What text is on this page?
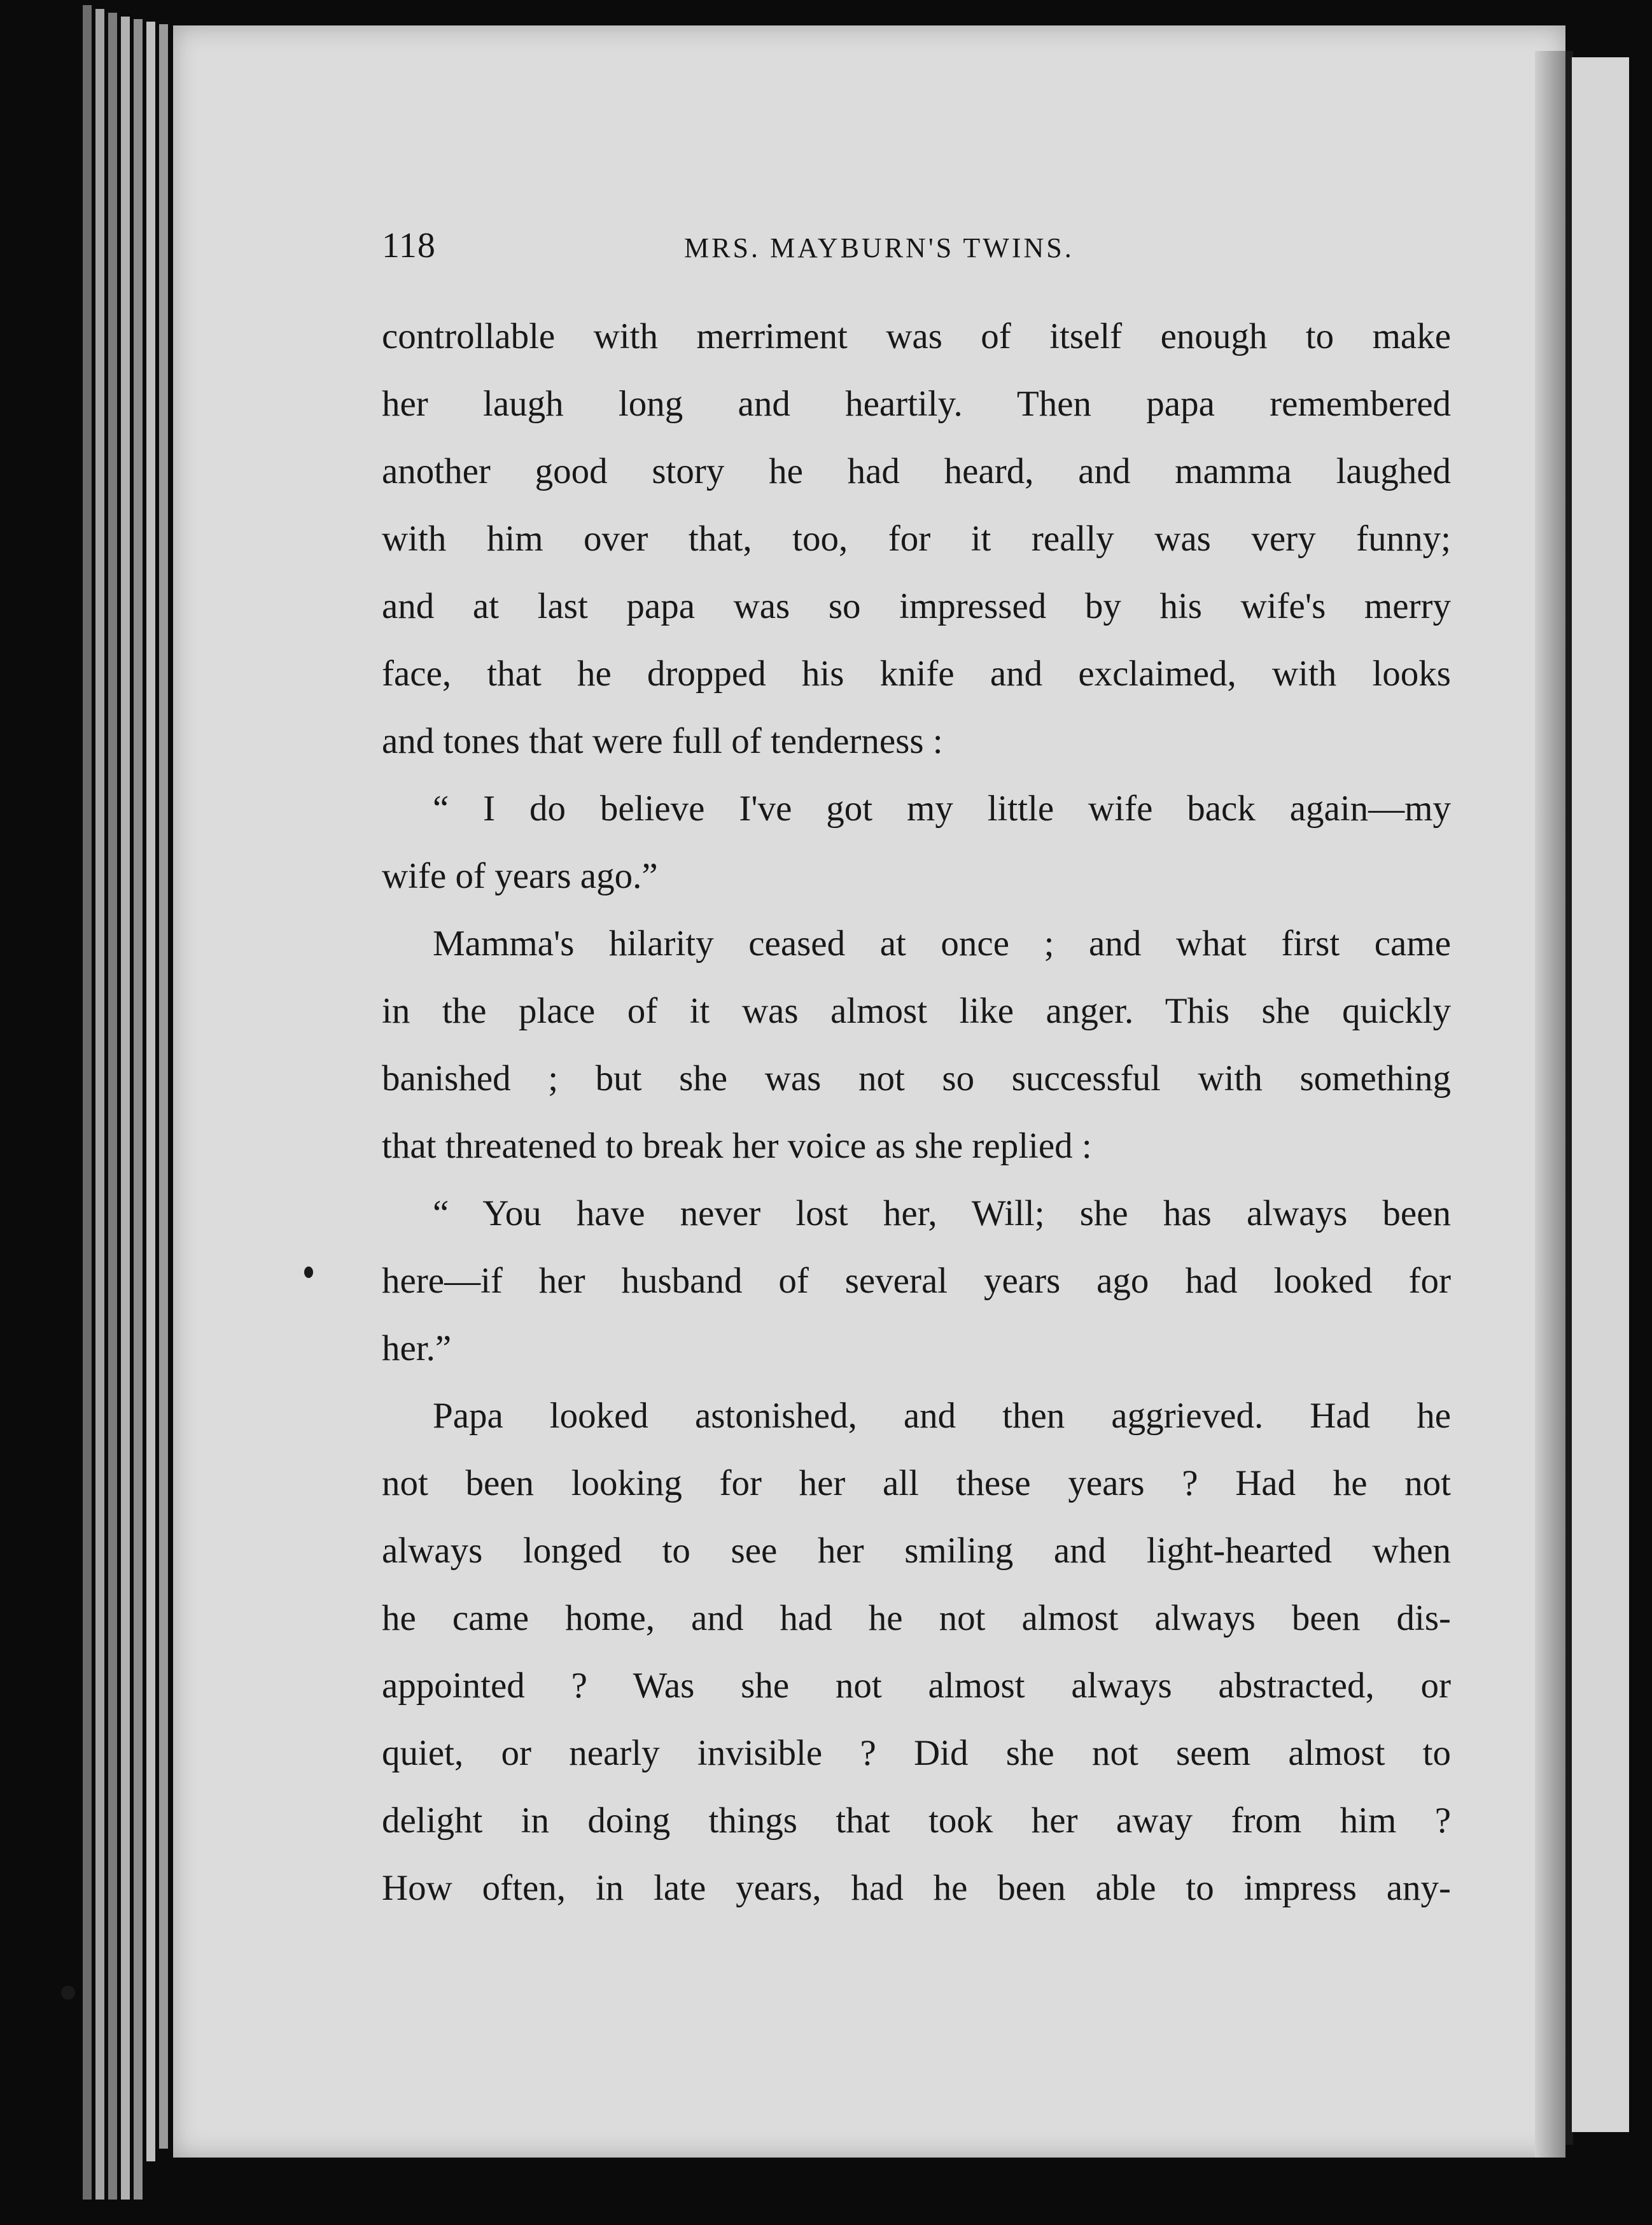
118	MRS. MAYBURN'S TWINS.
controllable with merriment was of itself enough to make
her laugh long and heartily. Then papa remembered
another good story he had heard, and mamma laughed
with him over that, too, for it really was very funny;
and at last papa was so impressed by his wife's merry
face, that he dropped his knife and exclaimed, with looks
and tones that were full of tenderness :
“ I do believe I've got my little wife back again—my
wife of years ago.”
Mamma's hilarity ceased at once ; and what first came
in the place of it was almost like anger. This she quickly
banished ; but she was not so successful with something
that threatened to break her voice as she replied :
“ You have never lost her, Will; she has always been
here—if her husband of several years ago had looked for
her.”
Papa looked astonished, and then aggrieved. Had he
not been looking for her all these years ? Had he not
always longed to see her smiling and light-hearted when
he came home, and had he not almost always been dis-
appointed ? Was she not almost always abstracted, or
quiet, or nearly invisible ? Did she not seem almost to
delight in doing things that took her away from him ?
How often, in late years, had he been able to impress any-
